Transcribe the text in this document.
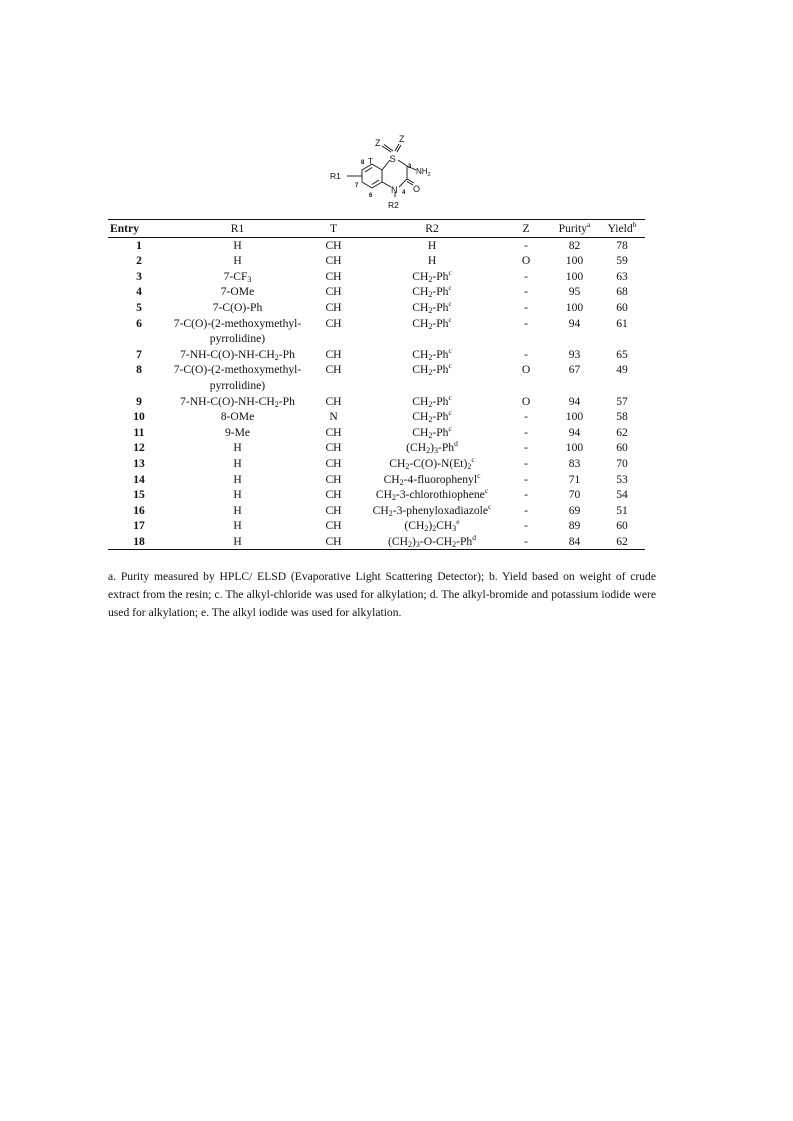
Z Z
S
T
8
3
7
6	4
R1	$NH_2$
N O
R2
Entry	R1	T	R2	Z	Purity$^a$	Yield$^b$
1	H	CH	H	-	82	78
2	H	CH	H	O	100	59
3	$7-CF_3$	CH	$CH_2-Ph^c$	-	100	63
4	7-OMe	CH	$CH_2-Ph^c$	-	95	68
5	7-C(O)-Ph	CH	$CH_2-Ph^c$	-	100	60
6	7-C(O)-(2-methoxymethyl-pyrrolidine)	CH	$CH_2-Ph^c$	-	94	61
7	$7-NH-C(O)-NH-CH_2-Ph$	CH	$CH_2-Ph^c$	-	93	65
8	7-C(O)-(2-methoxymethyl-pyrrolidine)	CH	$CH_2-Ph^c$	O	67	49
9	$7-NH-C(O)-NH-CH_2-Ph$	CH	$CH_2-Ph^c$	O	94	57
10	8-OMe	N	$CH_2-Ph^c$	-	100	58
11	9-Me	CH	$CH_2-Ph^c$	-	94	62
12	H	CH	$(CH_2)_3-Ph^d$	-	100	60
13	H	CH	$CH_2-C(O)-N(Et)_2^c$	-	83	70
14	H	CH	$CH_2-4-fluorophenyl^c$	-	71	53
15	H	CH	$CH_2-3-chlorothiophene^c$	-	70	54
16	H	CH	$CH_2-3-phenyloxadiazole^c$	-	69	51
17	H	CH	$(CH_2)_2CH_3^e$	-	89	60
18	H	CH	$(CH_2)_3-O-CH_2-Ph^d$	-	84	62

a. Purity measured by HPLC/ ELSD (Evaporative Light Scattering Detector); b. Yield based on weight of crude extract from the resin; c. The alkyl-chloride was used for alkylation; d. The alkyl-bromide and potassium iodide were used for alkylation; e. The alkyl iodide was used for alkylation.
